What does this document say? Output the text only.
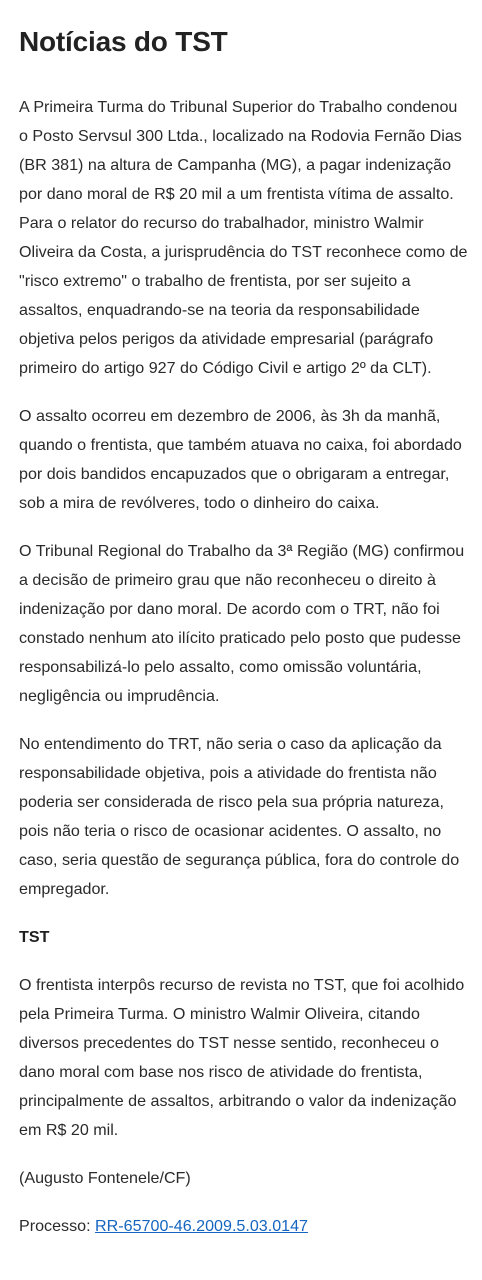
Notícias do TST

A Primeira Turma do Tribunal Superior do Trabalho condenou o Posto Servsul 300 Ltda., localizado na Rodovia Fernão Dias (BR 381) na altura de Campanha (MG), a pagar indenização por dano moral de R$ 20 mil a um frentista vítima de assalto. Para o relator do recurso do trabalhador, ministro Walmir Oliveira da Costa, a jurisprudência do TST reconhece como de "risco extremo" o trabalho de frentista, por ser sujeito a assaltos, enquadrando-se na teoria da responsabilidade objetiva pelos perigos da atividade empresarial (parágrafo primeiro do artigo 927 do Código Civil e artigo 2º da CLT).

O assalto ocorreu em dezembro de 2006, às 3h da manhã, quando o frentista, que também atuava no caixa, foi abordado por dois bandidos encapuzados que o obrigaram a entregar, sob a mira de revólveres, todo o dinheiro do caixa.

O Tribunal Regional do Trabalho da 3ª Região (MG) confirmou a decisão de primeiro grau que não reconheceu o direito à indenização por dano moral. De acordo com o TRT, não foi constado nenhum ato ilícito praticado pelo posto que pudesse responsabilizá-lo pelo assalto, como omissão voluntária, negligência ou imprudência.

No entendimento do TRT, não seria o caso da aplicação da responsabilidade objetiva, pois a atividade do frentista não poderia ser considerada de risco pela sua própria natureza, pois não teria o risco de ocasionar acidentes. O assalto, no caso, seria questão de segurança pública, fora do controle do empregador.

TST

O frentista interpôs recurso de revista no TST, que foi acolhido pela Primeira Turma. O ministro Walmir Oliveira, citando diversos precedentes do TST nesse sentido, reconheceu o dano moral com base nos risco de atividade do frentista, principalmente de assaltos, arbitrando o valor da indenização em R$ 20 mil.

(Augusto Fontenele/CF)

Processo: RR-65700-46.2009.5.03.0147
